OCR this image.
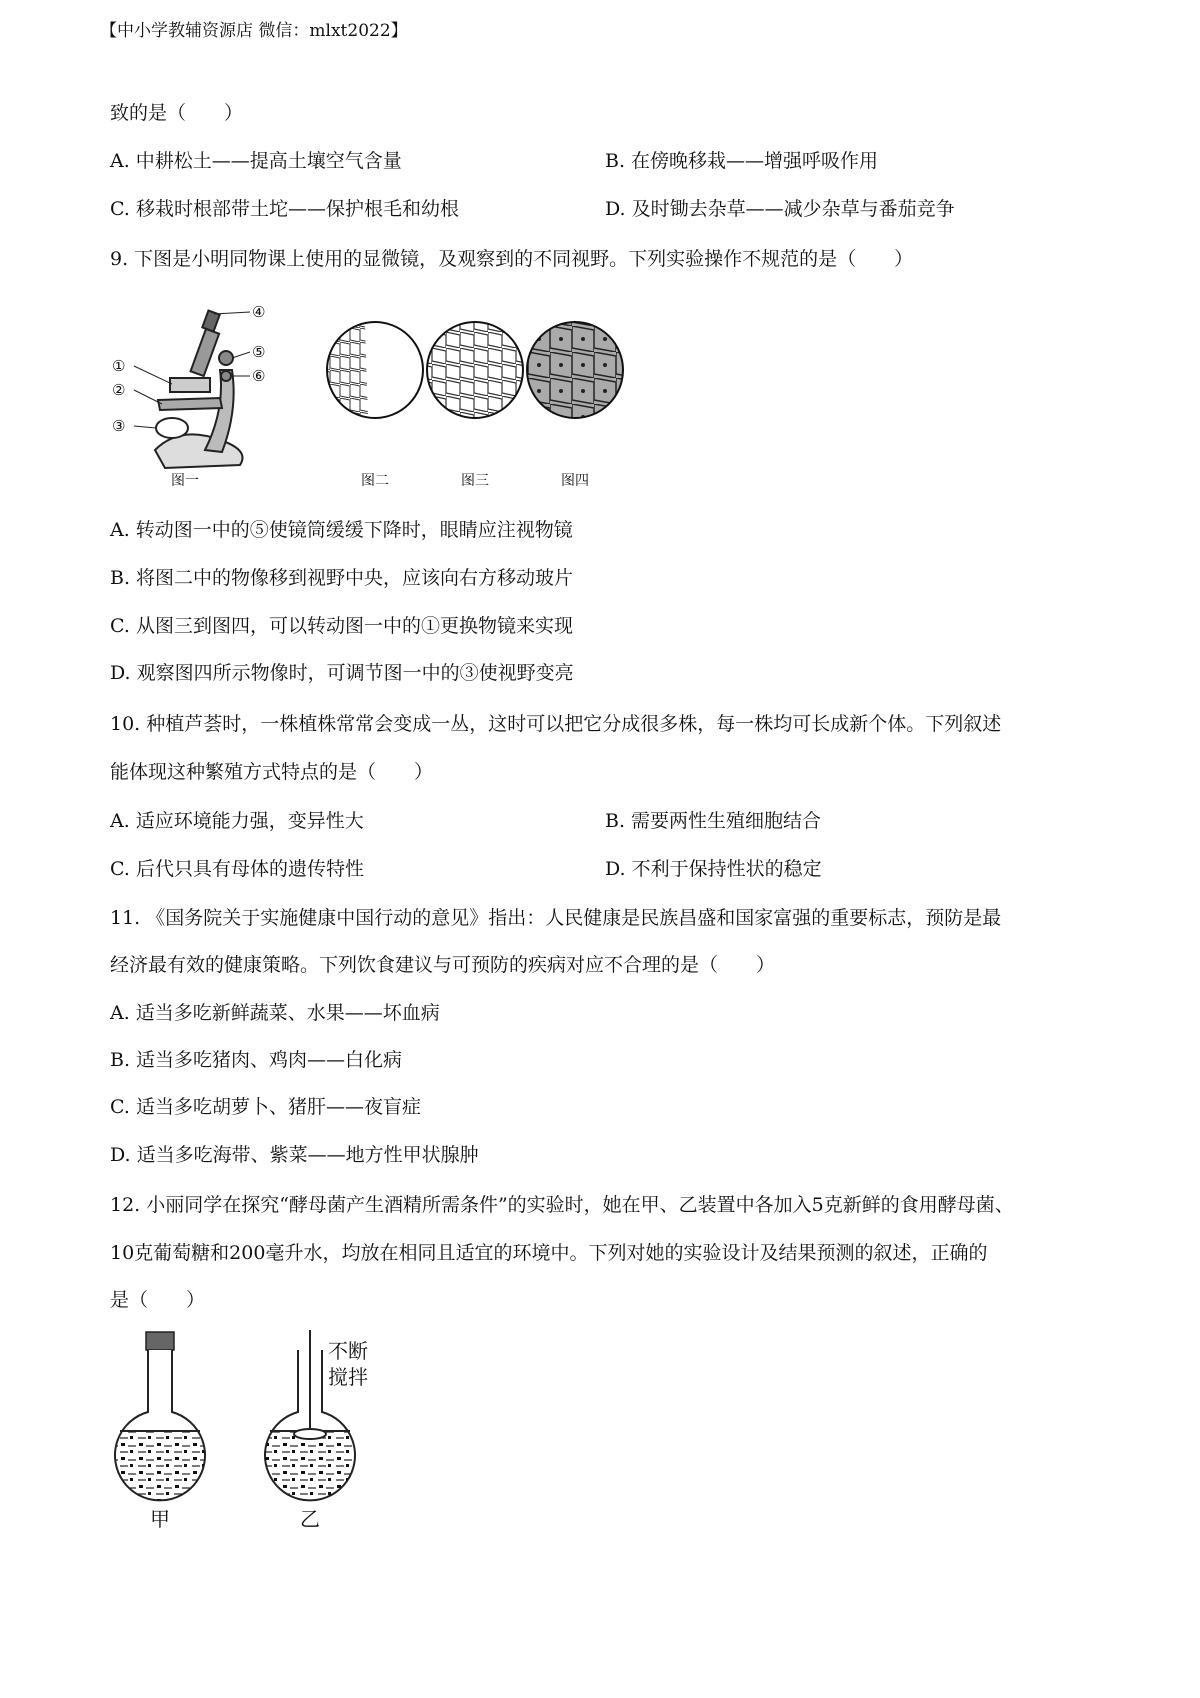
【中小学教辅资源店 微信：mlxt2022】
致的是（　　）
A. 中耕松土——提高土壤空气含量	B. 在傍晚移栽——增强呼吸作用
C. 移栽时根部带土坨——保护根毛和幼根	D. 及时锄去杂草——减少杂草与番茄竞争
9. 下图是小明同物课上使用的显微镜，及观察到的不同视野。下列实验操作不规范的是（　　）
①
②
③
④
⑤
⑥
图一	图二	图三	图四
A. 转动图一中的⑤使镜筒缓缓下降时，眼睛应注视物镜
B. 将图二中的物像移到视野中央，应该向右方移动玻片
C. 从图三到图四，可以转动图一中的①更换物镜来实现
D. 观察图四所示物像时，可调节图一中的③使视野变亮
10. 种植芦荟时，一株植株常常会变成一丛，这时可以把它分成很多株，每一株均可长成新个体。下列叙述
能体现这种繁殖方式特点的是（　　）
A. 适应环境能力强，变异性大	B. 需要两性生殖细胞结合
C. 后代只具有母体的遗传特性	D. 不利于保持性状的稳定
11. 《国务院关于实施健康中国行动的意见》指出：人民健康是民族昌盛和国家富强的重要标志，预防是最
经济最有效的健康策略。下列饮食建议与可预防的疾病对应不合理的是（　　）
A. 适当多吃新鲜蔬菜、水果——坏血病
B. 适当多吃猪肉、鸡肉——白化病
C. 适当多吃胡萝卜、猪肝——夜盲症
D. 适当多吃海带、紫菜——地方性甲状腺肿
12. 小丽同学在探究“酵母菌产生酒精所需条件”的实验时，她在甲、乙装置中各加入5克新鲜的食用酵母菌、
10克葡萄糖和200毫升水，均放在相同且适宜的环境中。下列对她的实验设计及结果预测的叙述，正确的
是（　　）
不断
搅拌
甲	乙
